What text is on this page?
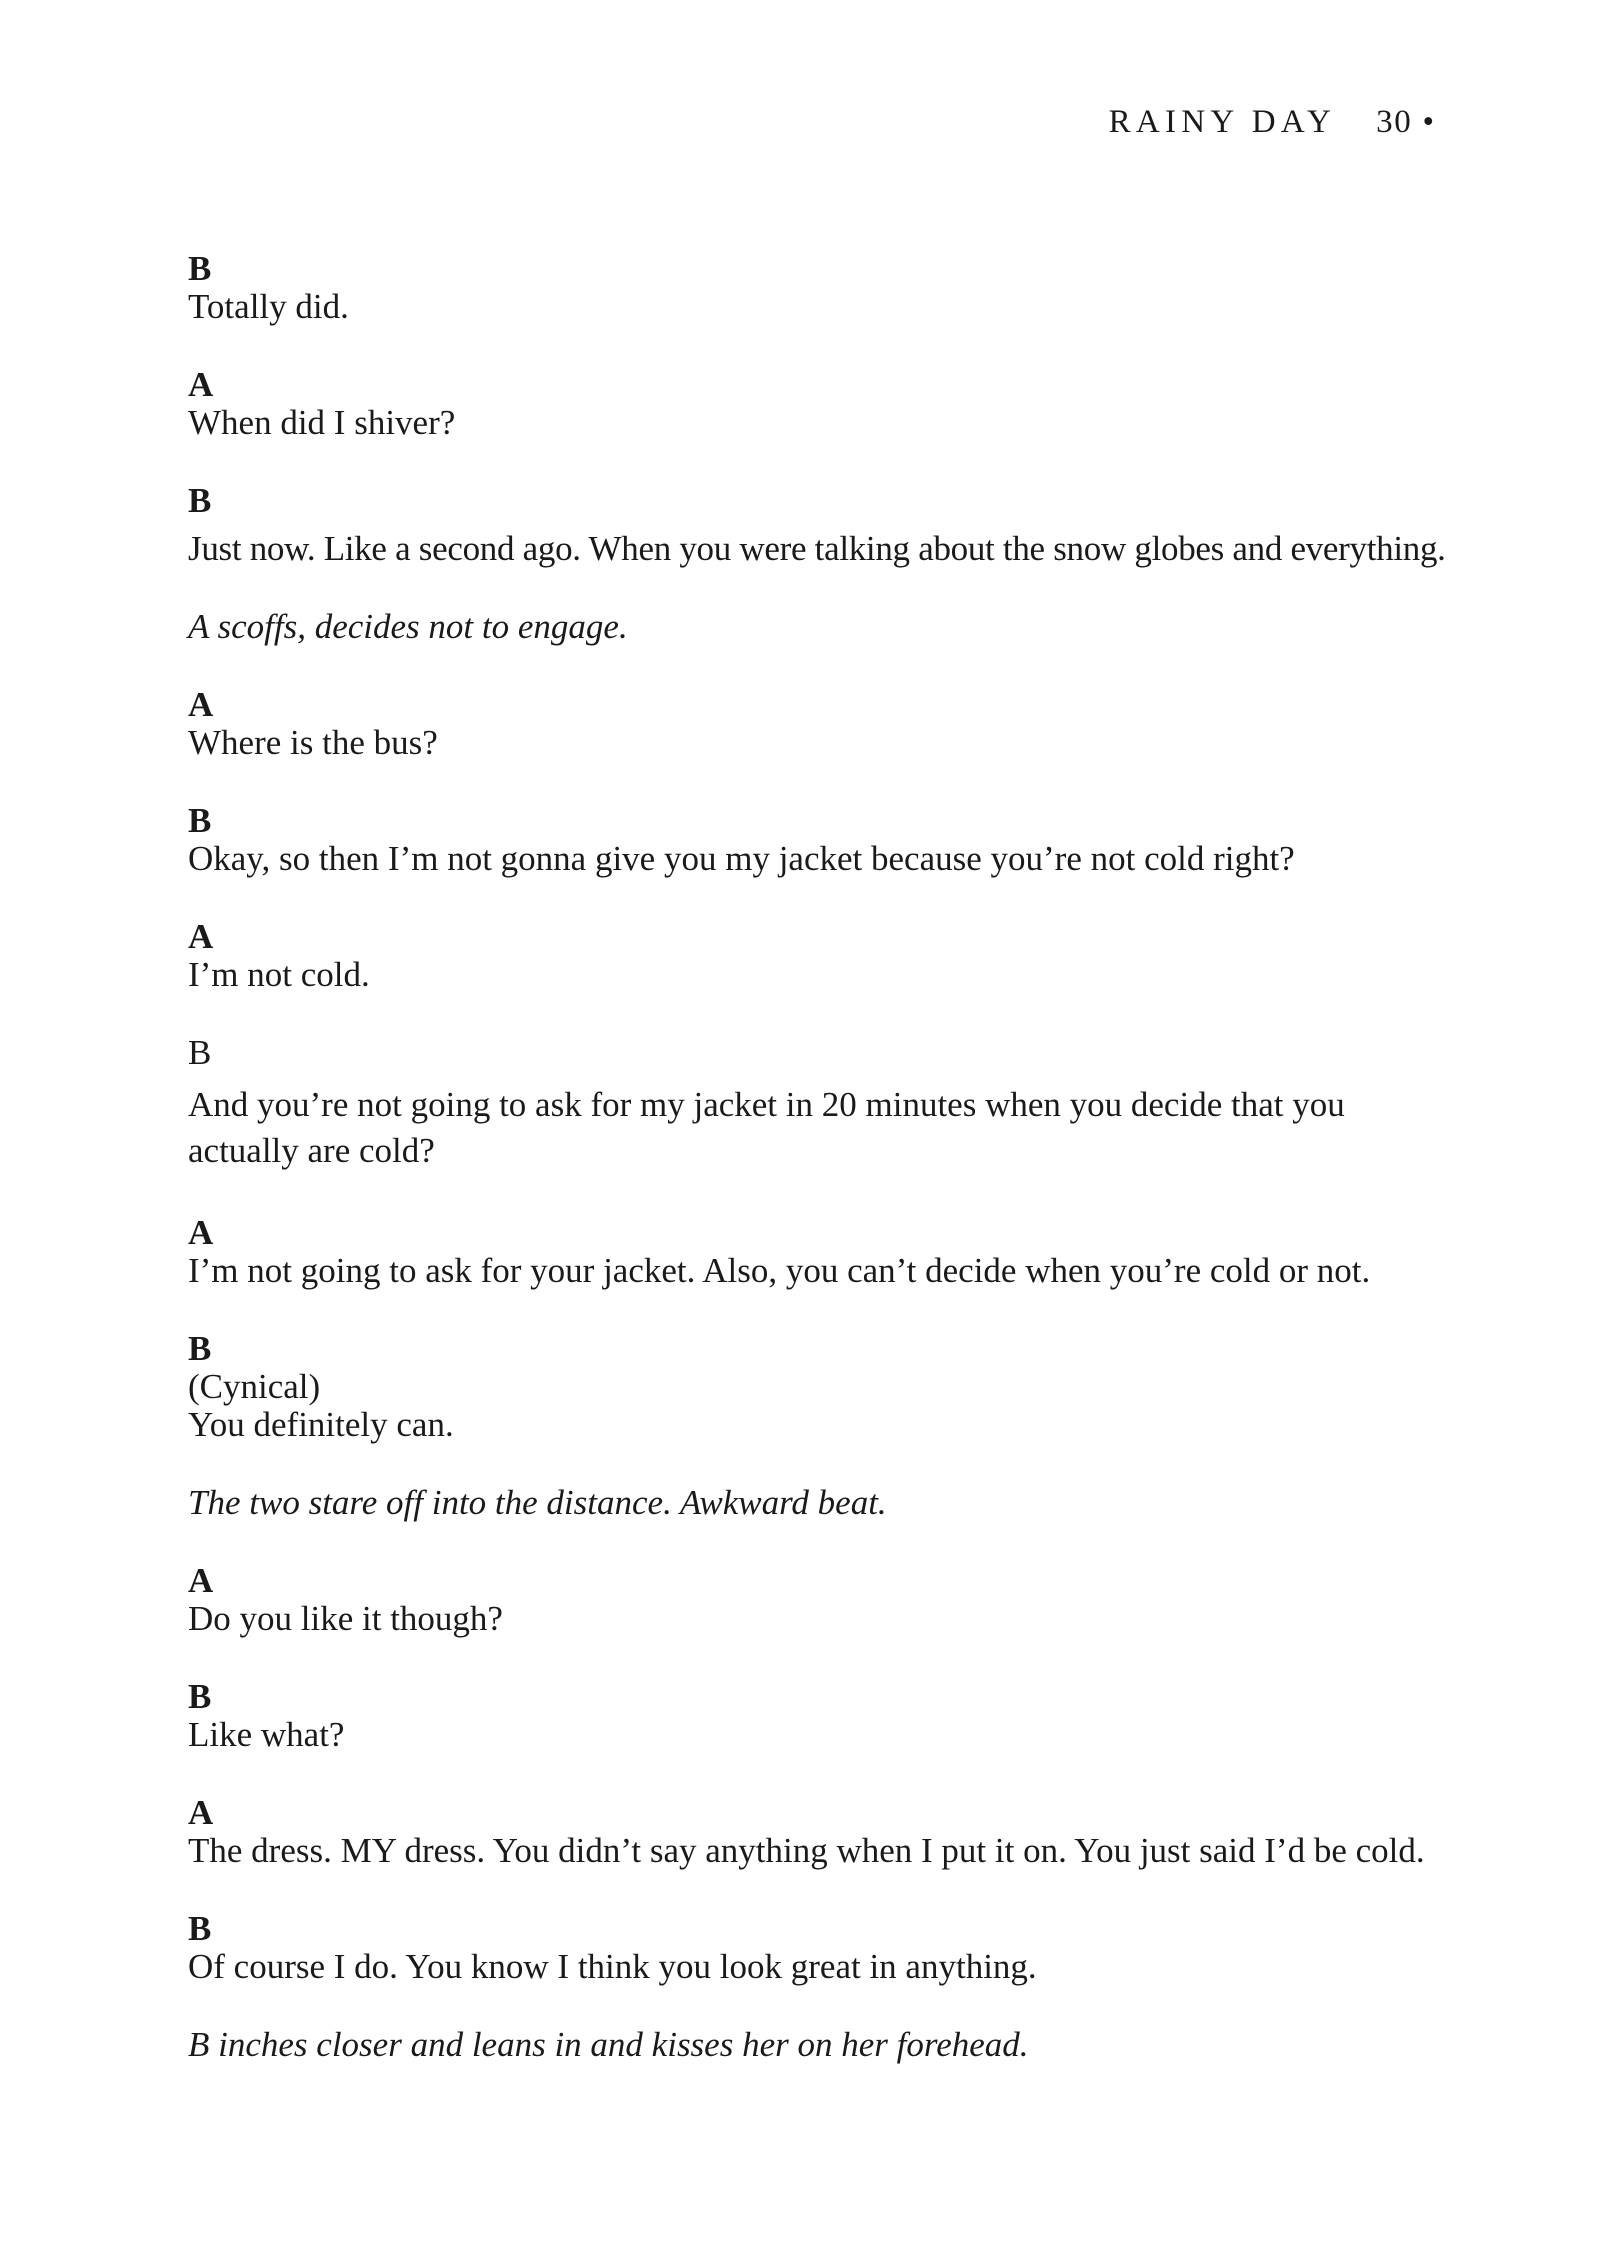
RAINY DAY 30 •
B
Totally did.
A
When did I shiver?
B
Just now. Like a second ago. When you were talking about the snow globes and everything.
A scoffs, decides not to engage.
A
Where is the bus?
B
Okay, so then I’m not gonna give you my jacket because you’re not cold right?
A
I’m not cold.
B
And you’re not going to ask for my jacket in 20 minutes when you decide that you actually are cold?
A
I’m not going to ask for your jacket. Also, you can’t decide when you’re cold or not.
B
(Cynical)
You definitely can.
The two stare off into the distance. Awkward beat.
A
Do you like it though?
B
Like what?
A
The dress. MY dress. You didn’t say anything when I put it on. You just said I’d be cold.
B
Of course I do. You know I think you look great in anything.
B inches closer and leans in and kisses her on her forehead.
